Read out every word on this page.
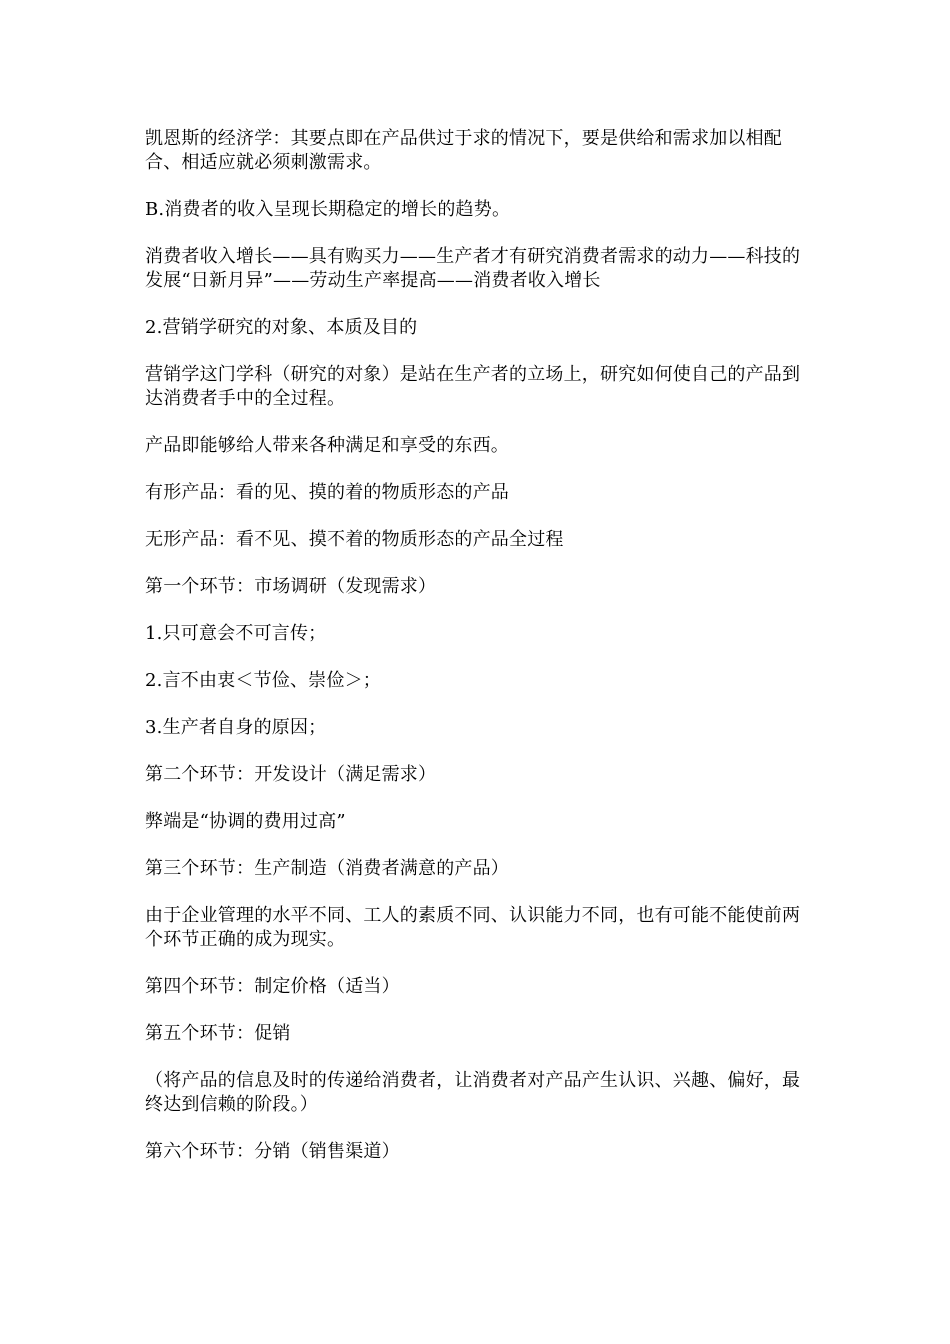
凯恩斯的经济学：其要点即在产品供过于求的情况下，要是供给和需求加以相配合、相适应就必须刺激需求。

B.消费者的收入呈现长期稳定的增长的趋势。

消费者收入增长——具有购买力——生产者才有研究消费者需求的动力——科技的发展“日新月异”——劳动生产率提高——消费者收入增长

2.营销学研究的对象、本质及目的

营销学这门学科（研究的对象）是站在生产者的立场上，研究如何使自己的产品到达消费者手中的全过程。

产品即能够给人带来各种满足和享受的东西。

有形产品：看的见、摸的着的物质形态的产品

无形产品：看不见、摸不着的物质形态的产品全过程

第一个环节：市场调研（发现需求）

1.只可意会不可言传；

2.言不由衷＜节俭、崇俭＞；

3.生产者自身的原因；

第二个环节：开发设计（满足需求）

弊端是“协调的费用过高”

第三个环节：生产制造（消费者满意的产品）

由于企业管理的水平不同、工人的素质不同、认识能力不同，也有可能不能使前两个环节正确的成为现实。

第四个环节：制定价格（适当）

第五个环节：促销

（将产品的信息及时的传递给消费者，让消费者对产品产生认识、兴趣、偏好，最终达到信赖的阶段。）

第六个环节：分销（销售渠道）
